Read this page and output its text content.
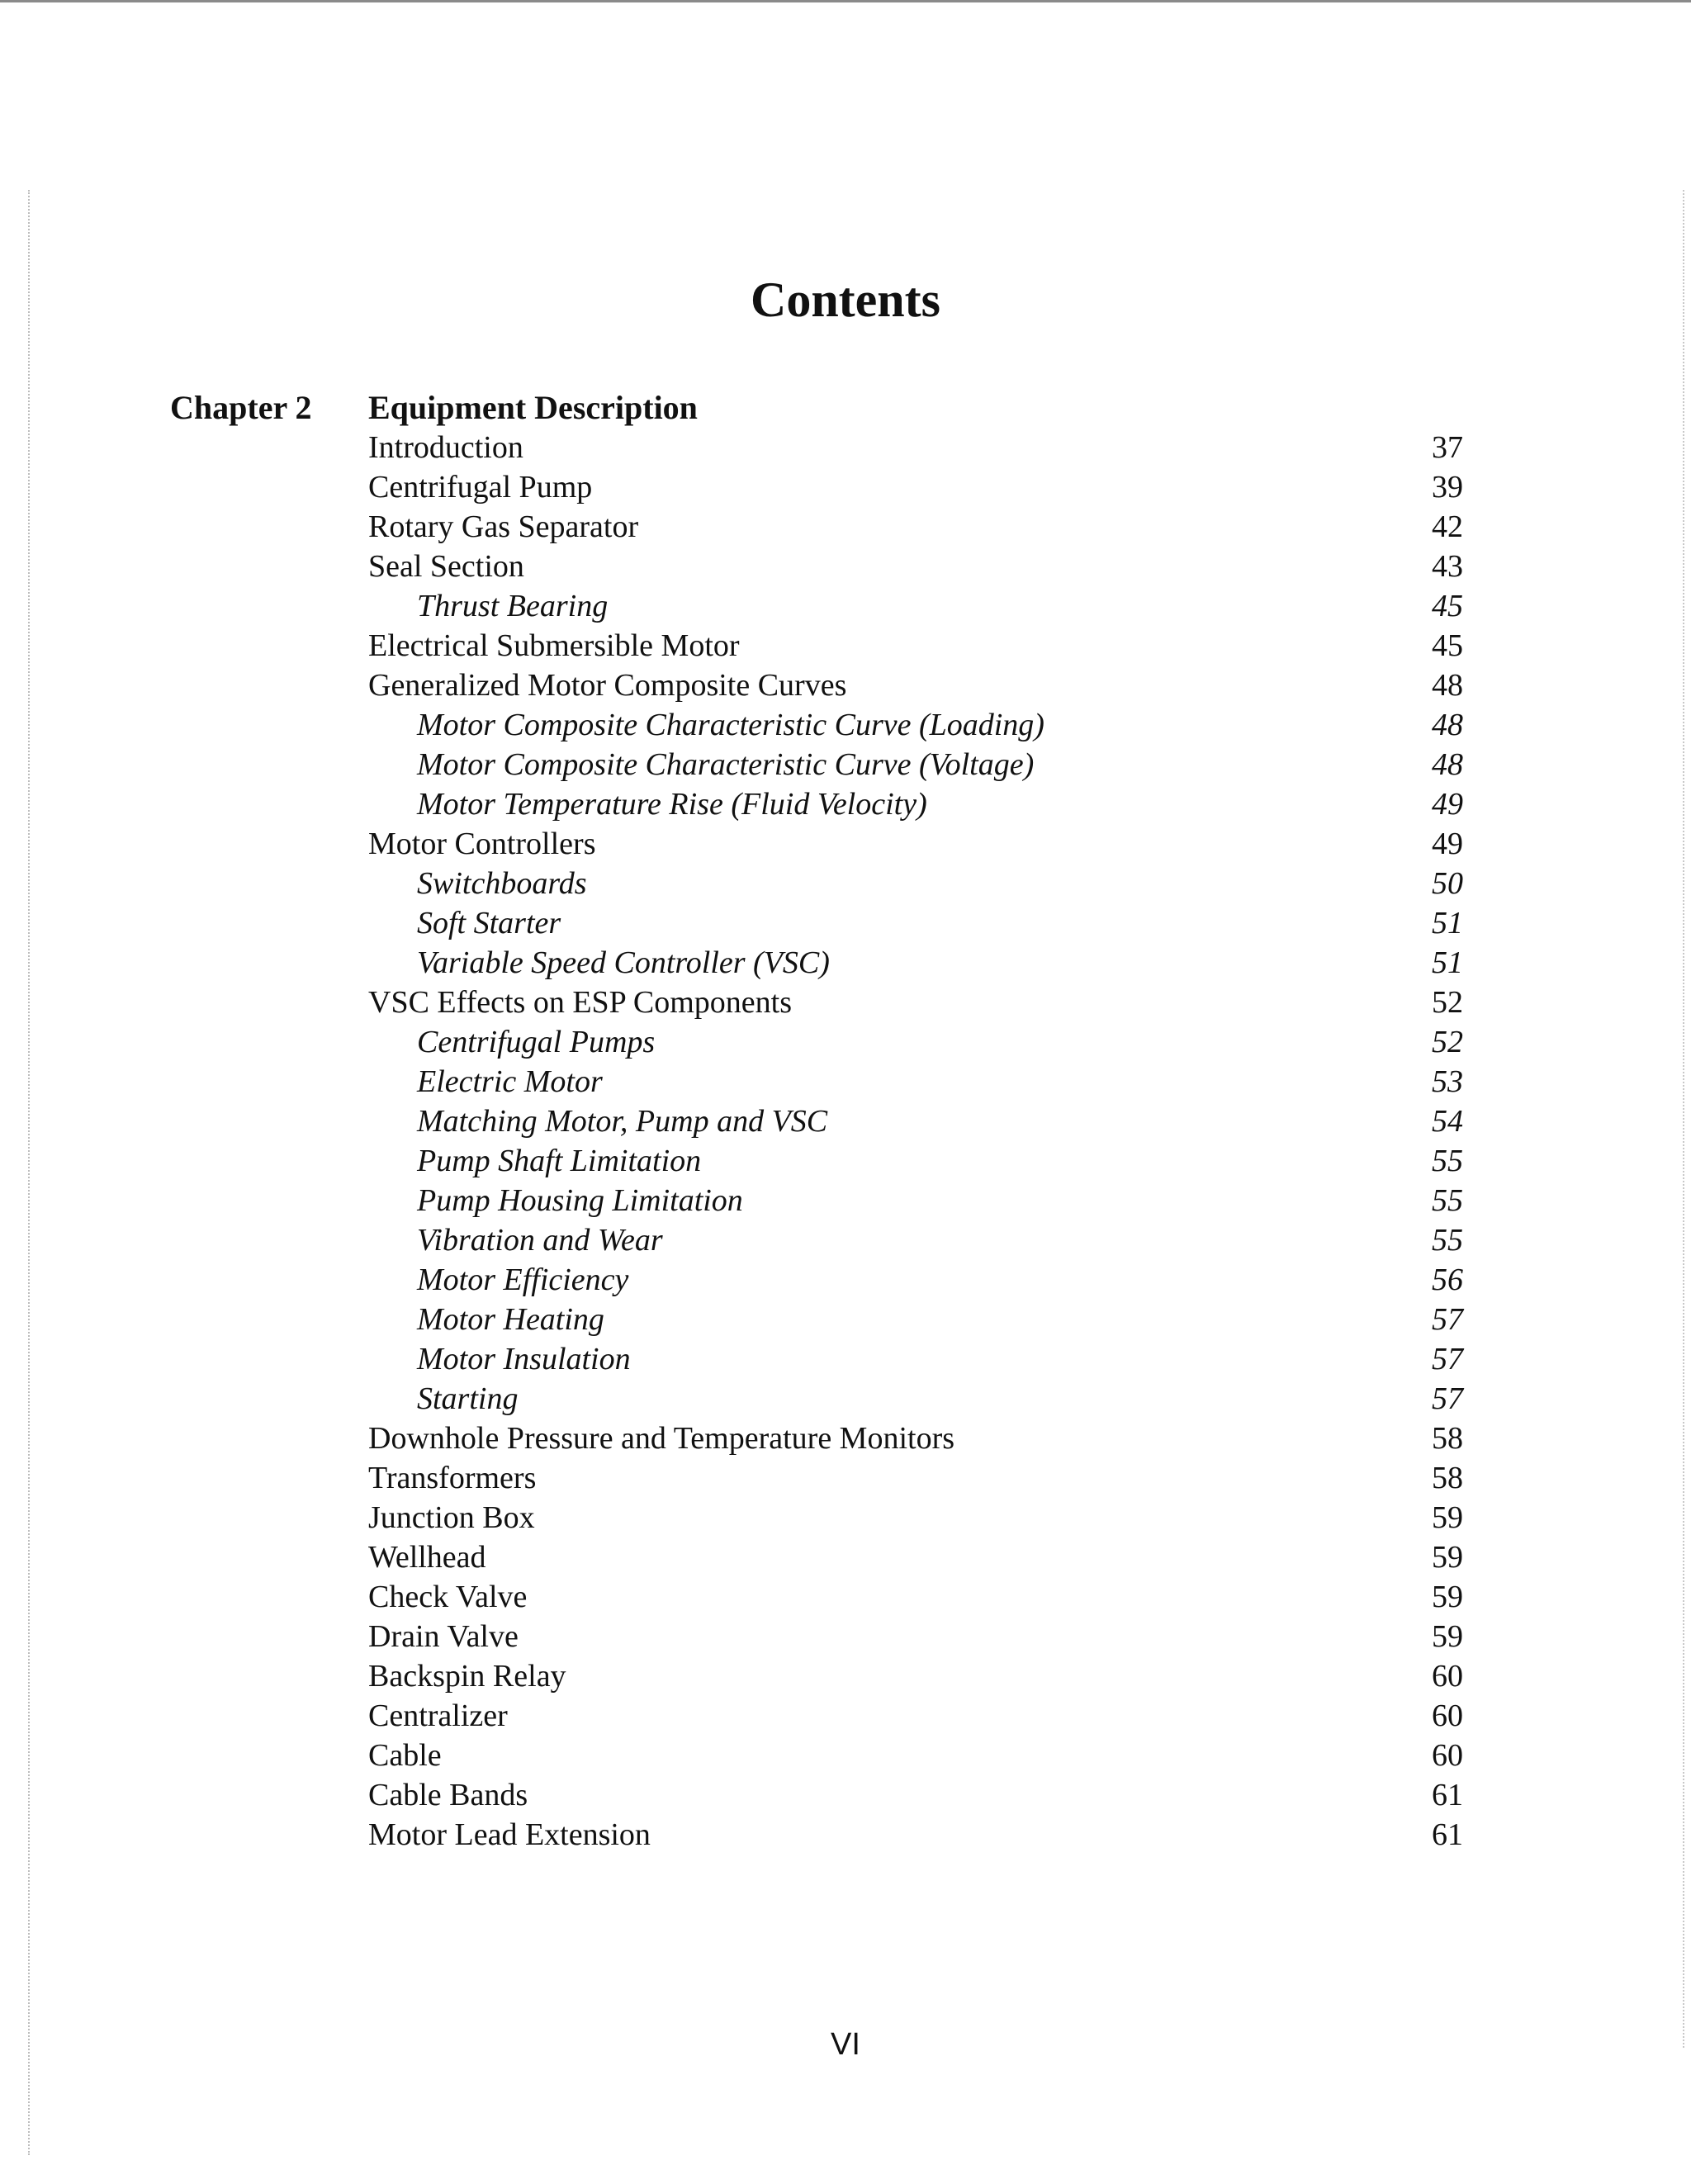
Contents
Chapter 2 Equipment Description
Introduction	37
Centrifugal Pump	39
Rotary Gas Separator	42
Seal Section	43
Thrust Bearing	45
Electrical Submersible Motor	45
Generalized Motor Composite Curves	48
Motor Composite Characteristic Curve (Loading)	48
Motor Composite Characteristic Curve (Voltage)	48
Motor Temperature Rise (Fluid Velocity)	49
Motor Controllers	49
Switchboards	50
Soft Starter	51
Variable Speed Controller (VSC)	51
VSC Effects on ESP Components	52
Centrifugal Pumps	52
Electric Motor	53
Matching Motor, Pump and VSC	54
Pump Shaft Limitation	55
Pump Housing Limitation	55
Vibration and Wear	55
Motor Efficiency	56
Motor Heating	57
Motor Insulation	57
Starting	57
Downhole Pressure and Temperature Monitors	58
Transformers	58
Junction Box	59
Wellhead	59
Check Valve	59
Drain Valve	59
Backspin Relay	60
Centralizer	60
Cable	60
Cable Bands	61
Motor Lead Extension	61
VI
